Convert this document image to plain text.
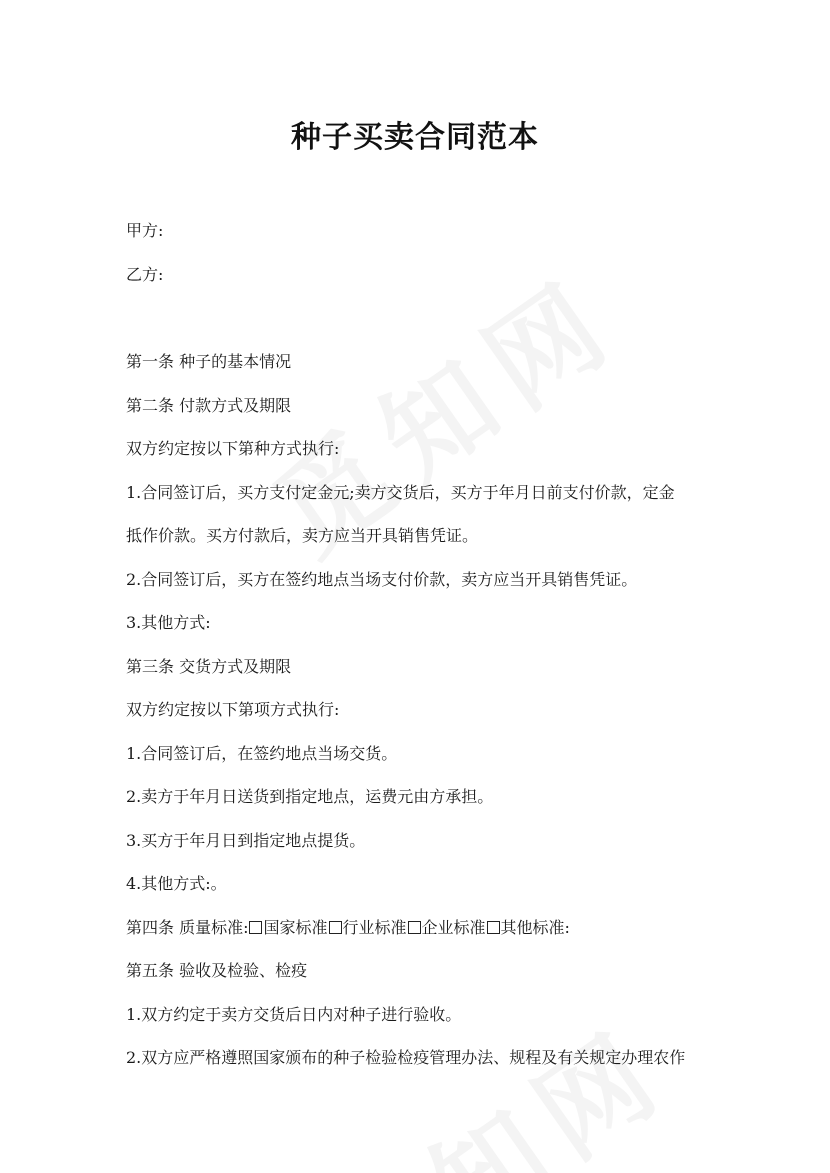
种子买卖合同范本
甲方:
乙方:
第一条 种子的基本情况
第二条 付款方式及期限
双方约定按以下第种方式执行:
1.合同签订后，买方支付定金元;卖方交货后，买方于年月日前支付价款，定金
抵作价款。买方付款后，卖方应当开具销售凭证。
2.合同签订后，买方在签约地点当场支付价款，卖方应当开具销售凭证。
3.其他方式:
第三条 交货方式及期限
双方约定按以下第项方式执行:
1.合同签订后，在签约地点当场交货。
2.卖方于年月日送货到指定地点，运费元由方承担。
3.买方于年月日到指定地点提货。
4.其他方式:。
第四条 质量标准: 国家标准 行业标准 企业标准 其他标准:
第五条 验收及检验、检疫
1.双方约定于卖方交货后日内对种子进行验收。
2.双方应严格遵照国家颁布的种子检验检疫管理办法、规程及有关规定办理农作
